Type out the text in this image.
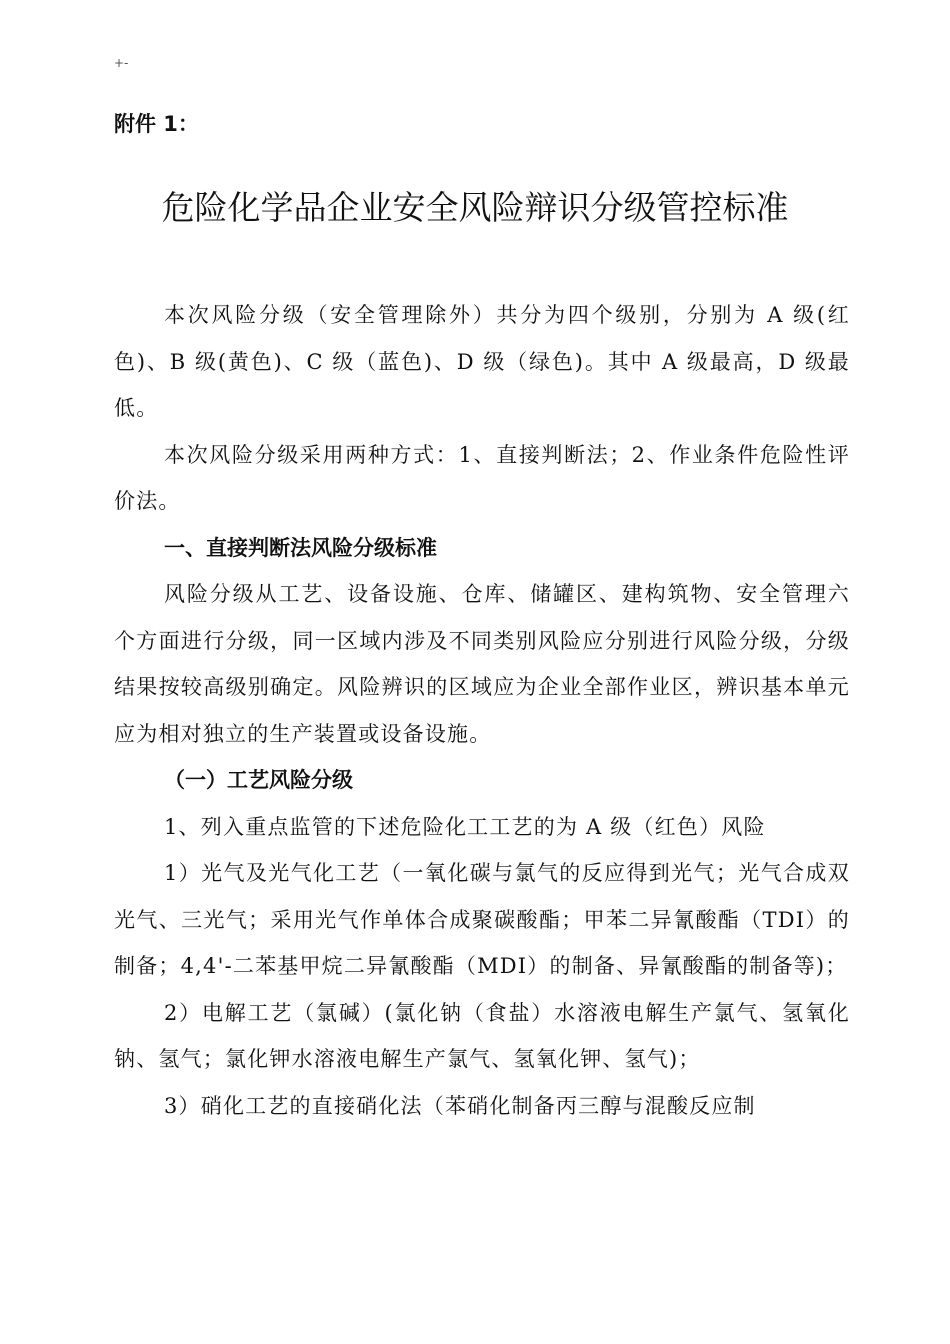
+-
附件 1：
危险化学品企业安全风险辩识分级管控标准

本次风险分级（安全管理除外）共分为四个级别，分别为 A 级(红色)、B 级(黄色)、C 级（蓝色)、D 级（绿色)。其中 A 级最高，D 级最低。

本次风险分级采用两种方式：1、直接判断法；2、作业条件危险性评价法。

一、直接判断法风险分级标准

风险分级从工艺、设备设施、仓库、储罐区、建构筑物、安全管理六个方面进行分级，同一区域内涉及不同类别风险应分别进行风险分级，分级结果按较高级别确定。风险辨识的区域应为企业全部作业区，辨识基本单元应为相对独立的生产装置或设备设施。

（一）工艺风险分级

1、列入重点监管的下述危险化工工艺的为 A 级（红色）风险

1）光气及光气化工艺（一氧化碳与氯气的反应得到光气；光气合成双光气、三光气；采用光气作单体合成聚碳酸酯；甲苯二异氰酸酯（TDI）的制备；4,4'-二苯基甲烷二异氰酸酯（MDI）的制备、异氰酸酯的制备等)；

2）电解工艺（氯碱）(氯化钠（食盐）水溶液电解生产氯气、氢氧化钠、氢气；氯化钾水溶液电解生产氯气、氢氧化钾、氢气)；

3）硝化工艺的直接硝化法（苯硝化制备丙三醇与混酸反应制
